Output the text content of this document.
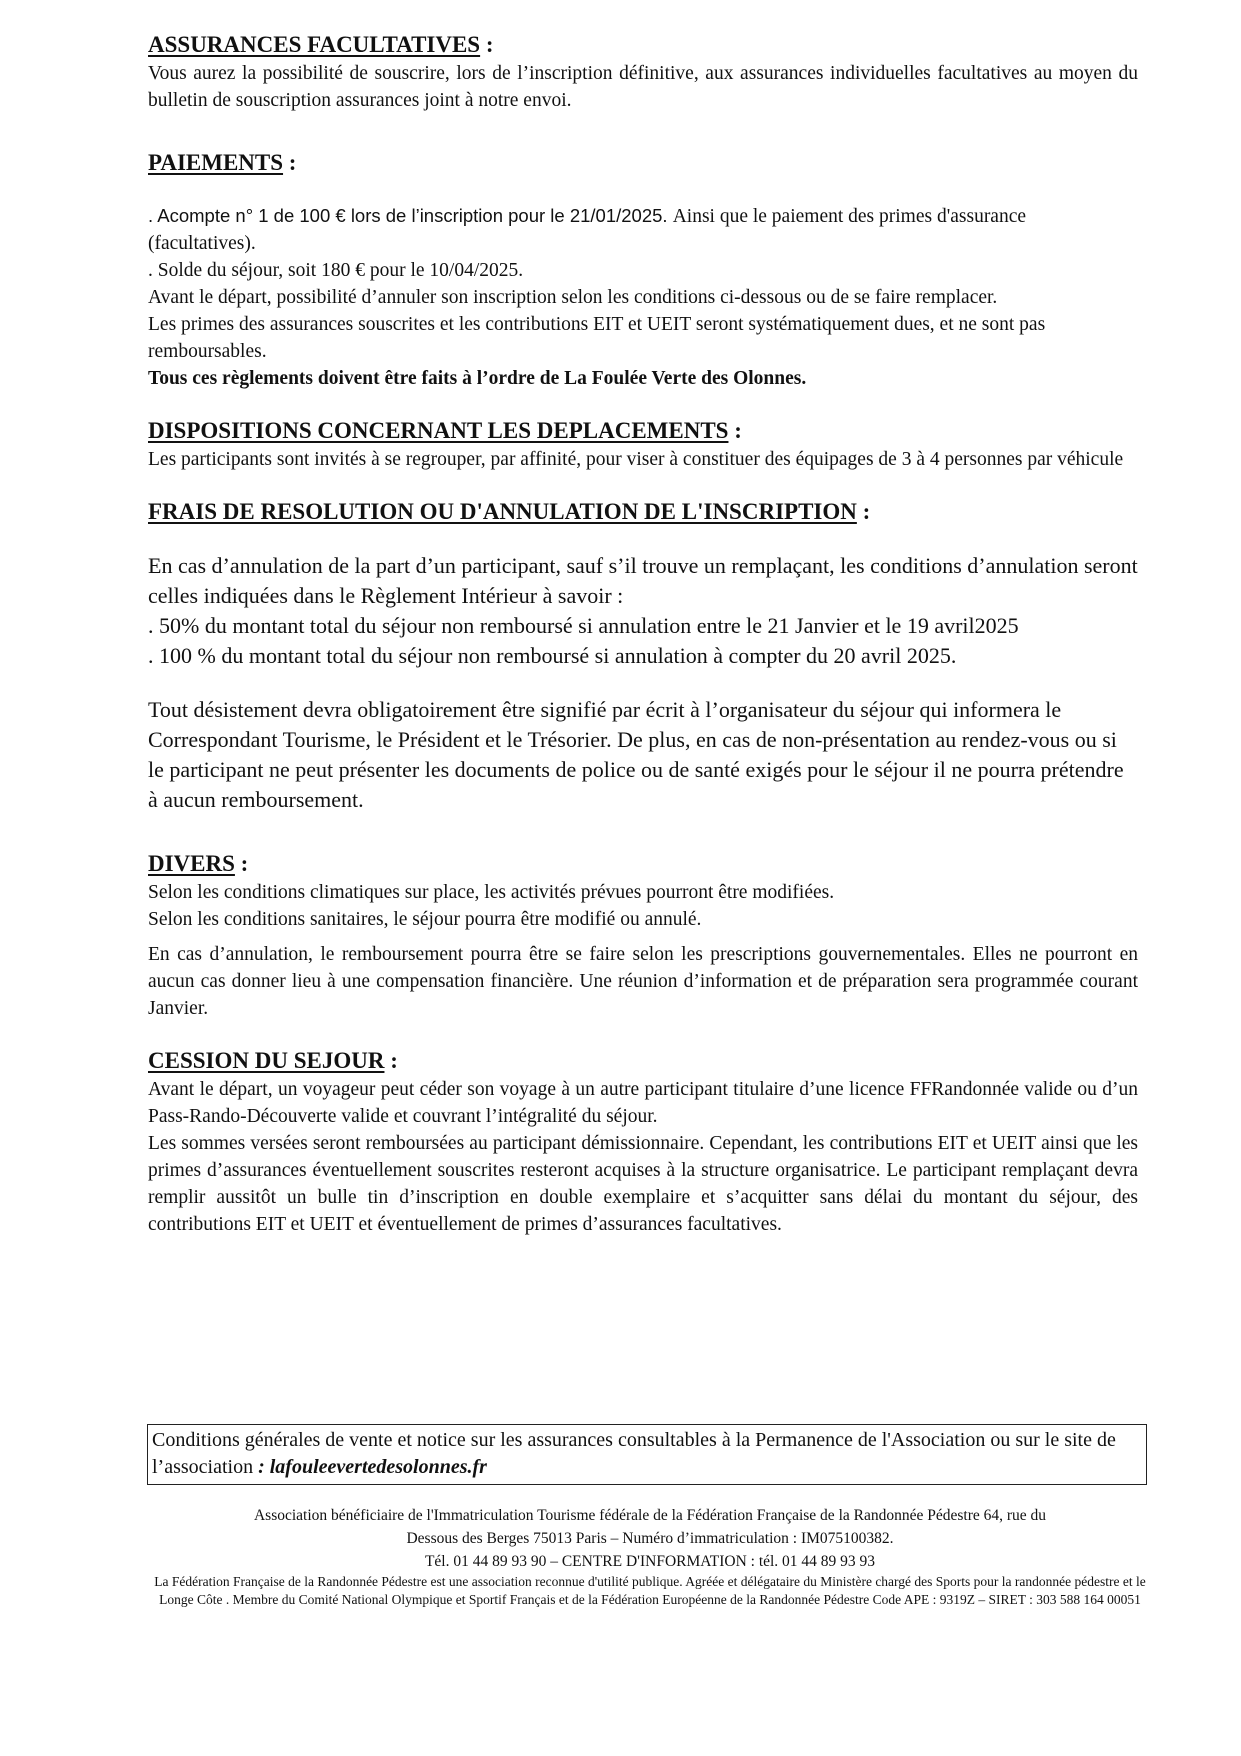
ASSURANCES FACULTATIVES :

Vous aurez la possibilité de souscrire, lors de l’inscription définitive, aux assurances individuelles facultatives au moyen du bulletin de souscription assurances joint à notre envoi.

PAIEMENTS :

. Acompte n° 1 de 100 € lors de l’inscription pour le 21/01/2025. Ainsi que le paiement des primes d'assurance (facultatives).

. Solde du séjour, soit 180 € pour le 10/04/2025.

Avant le départ, possibilité d’annuler son inscription selon les conditions ci-dessous ou de se faire remplacer.

Les primes des assurances souscrites et les contributions EIT et UEIT seront systématiquement dues, et ne sont pas remboursables.

Tous ces règlements doivent être faits à l’ordre de La Foulée Verte des Olonnes.

DISPOSITIONS CONCERNANT LES DEPLACEMENTS :

Les participants sont invités à se regrouper, par affinité, pour viser à constituer des équipages de 3 à 4 personnes par véhicule

FRAIS DE RESOLUTION OU D'ANNULATION DE L'INSCRIPTION :

En cas d’annulation de la part d’un participant, sauf s’il trouve un remplaçant, les conditions d’annulation seront celles indiquées dans le Règlement Intérieur à savoir :

. 50% du montant total du séjour non remboursé si annulation entre le 21 Janvier et le 19 avril2025

. 100 % du montant total du séjour non remboursé si annulation à compter du 20 avril 2025.

Tout désistement devra obligatoirement être signifié par écrit à l’organisateur du séjour qui informera le Correspondant Tourisme, le Président et le Trésorier. De plus, en cas de non-présentation au rendez-vous ou si le participant ne peut présenter les documents de police ou de santé exigés pour le séjour il ne pourra prétendre à aucun remboursement.

DIVERS :

Selon les conditions climatiques sur place, les activités prévues pourront être modifiées.

Selon les conditions sanitaires, le séjour pourra être modifié ou annulé.

En cas d’annulation, le remboursement pourra être se faire selon les prescriptions gouvernementales. Elles ne pourront en aucun cas donner lieu à une compensation financière. Une réunion d’information et de préparation sera programmée courant Janvier.

CESSION DU SEJOUR :

Avant le départ, un voyageur peut céder son voyage à un autre participant titulaire d’une licence FFRandonnée valide ou d’un Pass-Rando-Découverte valide et couvrant l’intégralité du séjour.

Les sommes versées seront remboursées au participant démissionnaire. Cependant, les contributions EIT et UEIT ainsi que les primes d’assurances éventuellement souscrites resteront acquises à la structure organisatrice. Le participant remplaçant devra remplir aussitôt un bulle tin d’inscription en double exemplaire et s’acquitter sans délai du montant du séjour, des contributions EIT et UEIT et éventuellement de primes d’assurances facultatives.

Conditions générales de vente et notice sur les assurances consultables à la Permanence de l'Association ou sur le site de l’association : lafouleevertedesolonnes.fr
Association bénéficiaire de l'Immatriculation Tourisme fédérale de la Fédération Française de la Randonnée Pédestre 64, rue du
Dessous des Berges 75013 Paris – Numéro d’immatriculation : IM075100382.
Tél. 01 44 89 93 90 – CENTRE D'INFORMATION : tél. 01 44 89 93 93
La Fédération Française de la Randonnée Pédestre est une association reconnue d'utilité publique. Agréée et délégataire du Ministère chargé des Sports pour la randonnée pédestre et le Longe Côte . Membre du Comité National Olympique et Sportif Français et de la Fédération Européenne de la Randonnée Pédestre Code APE : 9319Z – SIRET : 303 588 164 00051
